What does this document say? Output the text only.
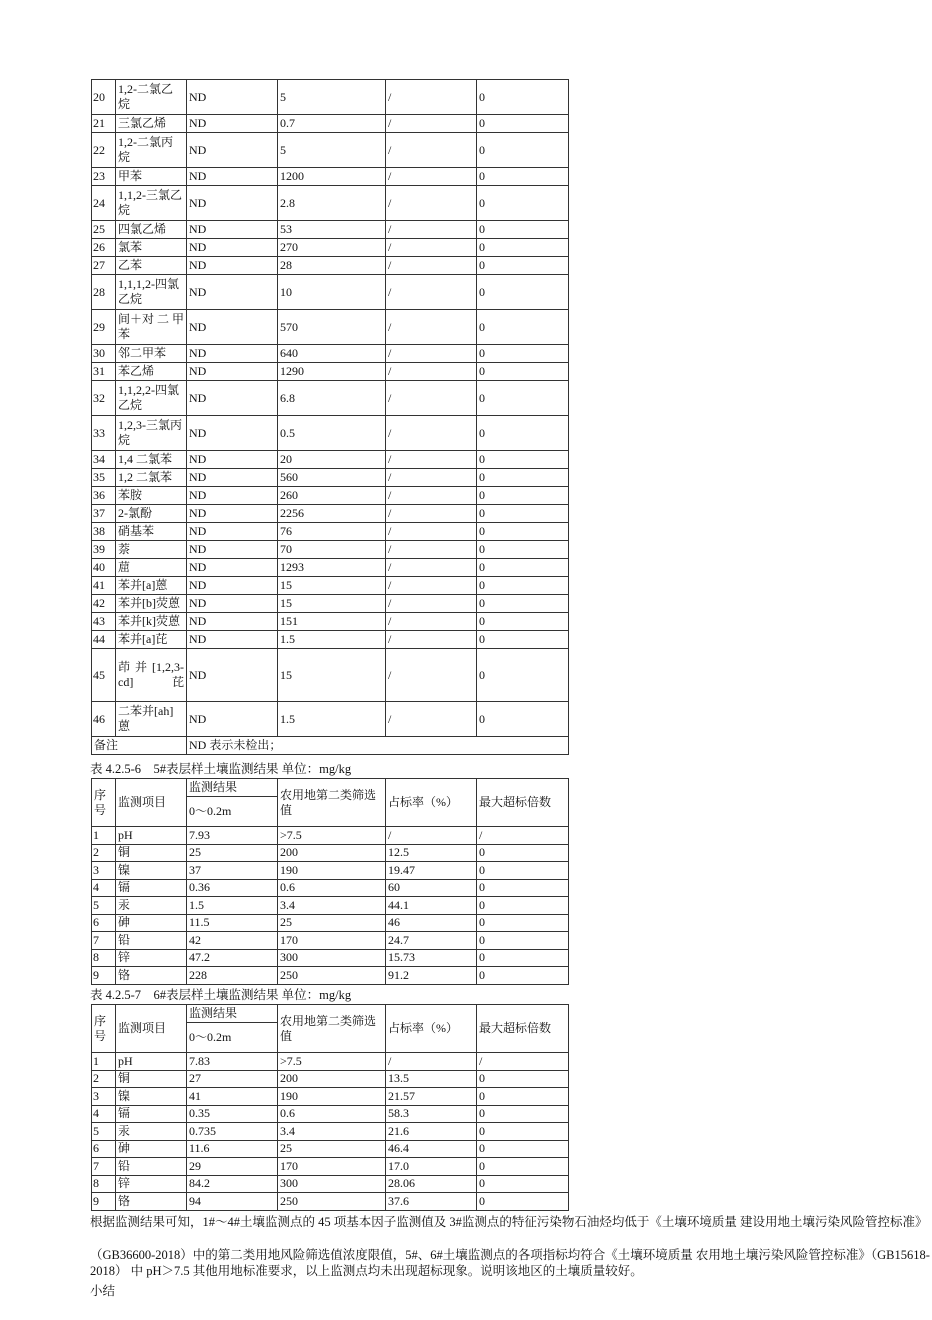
20	1,2-二氯乙烷	ND	5	/	0
21	三氯乙烯	ND	0.7	/	0
22	1,2-二氯丙烷	ND	5	/	0
23	甲苯	ND	1200	/	0
24	1,1,2-三氯乙烷	ND	2.8	/	0
25	四氯乙烯	ND	53	/	0
26	氯苯	ND	270	/	0
27	乙苯	ND	28	/	0
28	1,1,1,2-四氯乙烷	ND	10	/	0
29	间＋对 二 甲苯	ND	570	/	0
30	邻二甲苯	ND	640	/	0
31	苯乙烯	ND	1290	/	0
32	1,1,2,2-四氯乙烷	ND	6.8	/	0
33	1,2,3-三氯丙烷	ND	0.5	/	0
34	1,4 二氯苯	ND	20	/	0
35	1,2 二氯苯	ND	560	/	0
36	苯胺	ND	260	/	0
37	2-氯酚	ND	2256	/	0
38	硝基苯	ND	76	/	0
39	萘	ND	70	/	0
40	䓛	ND	1293	/	0
41	苯并[a]蒽	ND	15	/	0
42	苯并[b]荧蒽	ND	15	/	0
43	苯并[k]荧蒽	ND	151	/	0
44	苯并[a]芘	ND	1.5	/	0
45	茚 并 [1,2,3-cd]芘	ND	15	/	0
46	二苯并[ah]蒽	ND	1.5	/	0
备注		ND 表示未检出；			
表 4.2.5-6　5#表层样土壤监测结果 单位：mg/kg
序号	监测项目	监测结果	农用地第二类筛选值	占标率（%）	最大超标倍数
		0～0.2m			
1	pH	7.93	>7.5	/	/
2	铜	25	200	12.5	0
3	镍	37	190	19.47	0
4	镉	0.36	0.6	60	0
5	汞	1.5	3.4	44.1	0
6	砷	11.5	25	46	0
7	铅	42	170	24.7	0
8	锌	47.2	300	15.73	0
9	铬	228	250	91.2	0
表 4.2.5-7　6#表层样土壤监测结果 单位：mg/kg
序号	监测项目	监测结果	农用地第二类筛选值	占标率（%）	最大超标倍数
		0～0.2m			
1	pH	7.83	>7.5	/	/
2	铜	27	200	13.5	0
3	镍	41	190	21.57	0
4	镉	0.35	0.6	58.3	0
5	汞	0.735	3.4	21.6	0
6	砷	11.6	25	46.4	0
7	铅	29	170	17.0	0
8	锌	84.2	300	28.06	0
9	铬	94	250	37.6	0
根据监测结果可知，1#～4#土壤监测点的 45 项基本因子监测值及 3#监测点的特征污染物石油烃均低于《土壤环境质量 建设用地土壤污染风险管控标准》
（GB36600-2018）中的第二类用地风险筛选值浓度限值，5#、6#土壤监测点的各项指标均符合《土壤环境质量 农用地土壤污染风险管控标准》（GB15618-2018） 中 pH＞7.5 其他用地标准要求，以上监测点均未出现超标现象。说明该地区的土壤质量较好。
小结
